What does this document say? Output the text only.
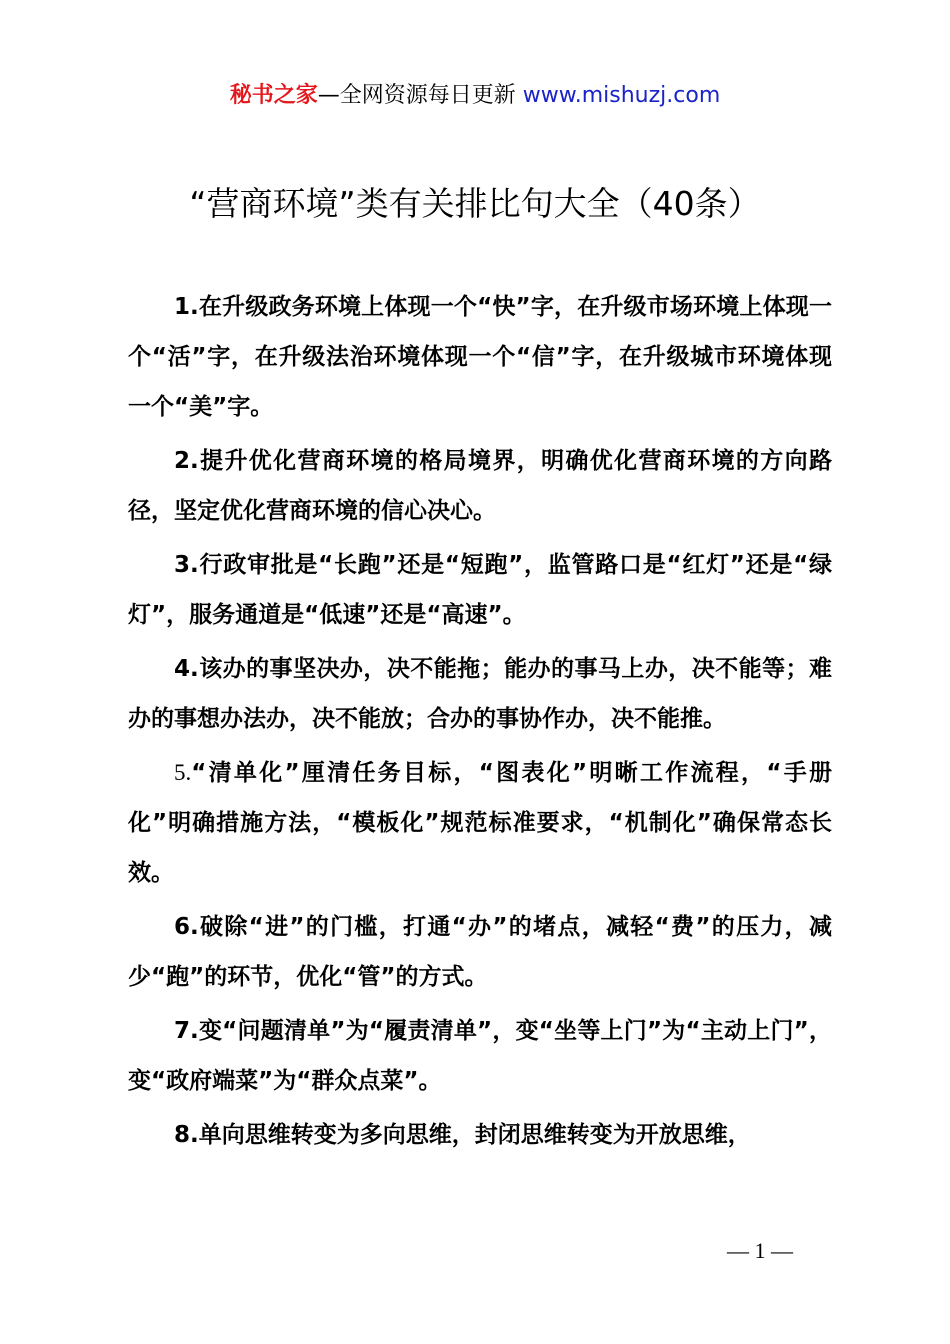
秘书之家—全网资源每日更新 www.mishuzj.com
“营商环境”类有关排比句大全（40条）

1.在升级政务环境上体现一个“快”字，在升级市场环境上体现一个“活”字，在升级法治环境体现一个“信”字，在升级城市环境体现一个“美”字。

2.提升优化营商环境的格局境界，明确优化营商环境的方向路径，坚定优化营商环境的信心决心。

3.行政审批是“长跑”还是“短跑”，监管路口是“红灯”还是“绿灯”，服务通道是“低速”还是“高速”。

4.该办的事坚决办，决不能拖；能办的事马上办，决不能等；难办的事想办法办，决不能放；合办的事协作办，决不能推。

5.“清单化”厘清任务目标，“图表化”明晰工作流程，“手册化”明确措施方法，“模板化”规范标准要求，“机制化”确保常态长效。

6.破除“进”的门槛，打通“办”的堵点，减轻“费”的压力，减少“跑”的环节，优化“管”的方式。

7.变“问题清单”为“履责清单”，变“坐等上门”为“主动上门”，变“政府端菜”为“群众点菜”。

8.单向思维转变为多向思维，封闭思维转变为开放思维，

— 1 —
